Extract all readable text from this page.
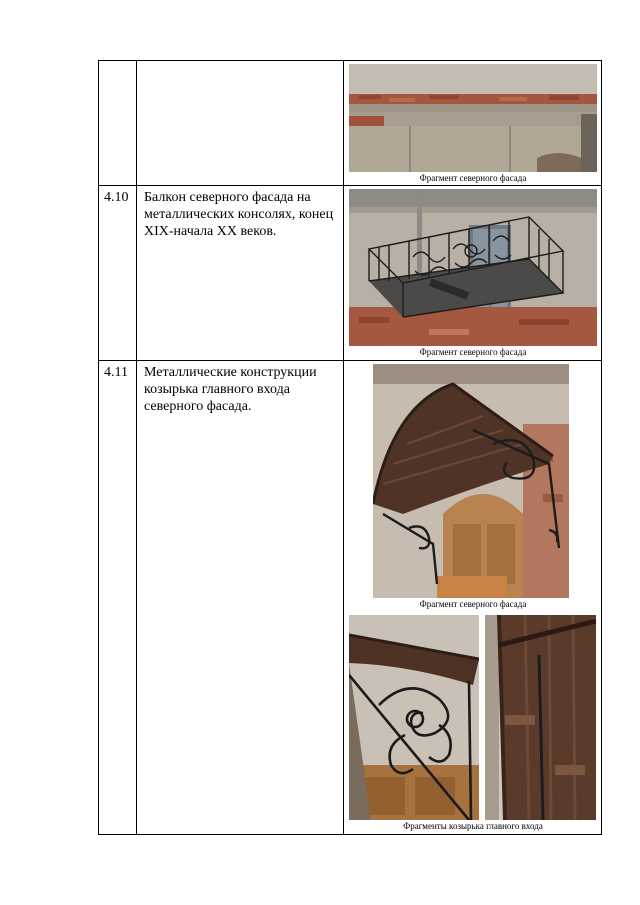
Фрагмент северного фасада
4.10 Балкон северного фасада на металлических консолях, конец XIX-начала XX веков.
Фрагмент северного фасада
4.11 Металлические конструкции козырька главного входа северного фасада.
Фрагмент северного фасада
Фрагменты козырька главного входа
